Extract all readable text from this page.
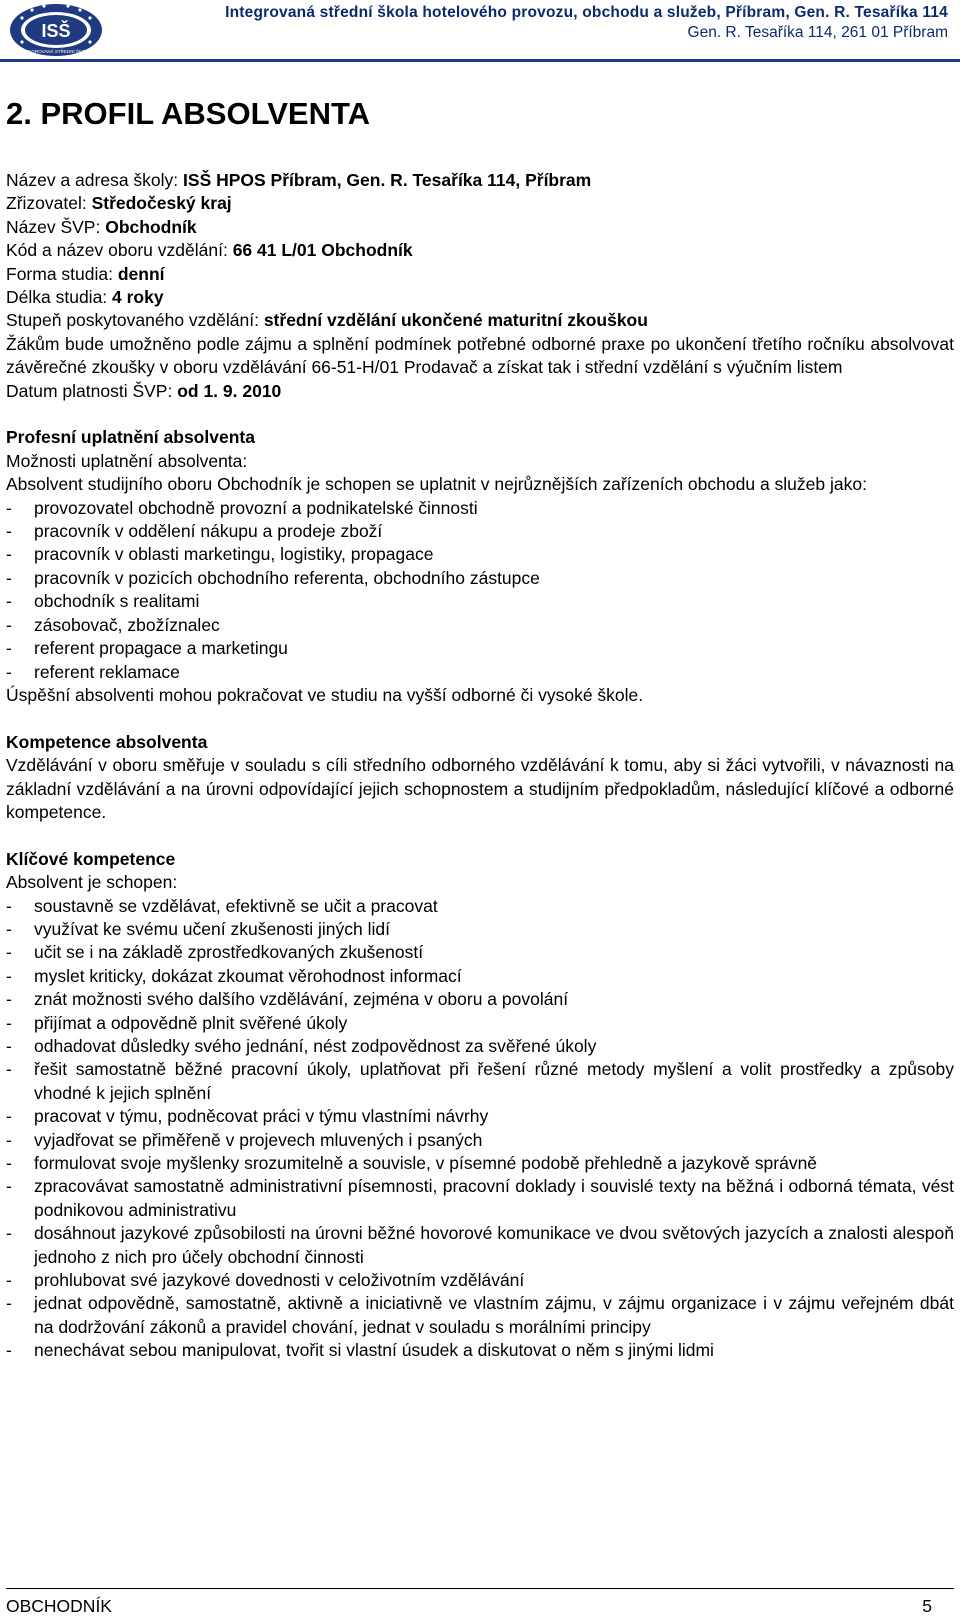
ISŠ
INTEGROVANÁ STŘEDNÍ ŠKOLA
Integrovaná střední škola hotelového provozu, obchodu a služeb, Příbram, Gen. R. Tesaříka 114
Gen. R. Tesaříka 114, 261 01 Příbram
2. PROFIL ABSOLVENTA

Název a adresa školy: ISŠ HPOS Příbram, Gen. R. Tesaříka 114, Příbram

Zřizovatel: Středočeský kraj

Název ŠVP: Obchodník

Kód a název oboru vzdělání: 66 41 L/01 Obchodník

Forma studia: denní

Délka studia: 4 roky

Stupeň poskytovaného vzdělání: střední vzdělání ukončené maturitní zkouškou

Žákům bude umožněno podle zájmu a splnění podmínek potřebné odborné praxe po ukončení třetího ročníku absolvovat závěrečné zkoušky v oboru vzdělávání 66-51-H/01 Prodavač a získat tak i střední vzdělání s výučním listem

Datum platnosti ŠVP: od 1. 9. 2010

Profesní uplatnění absolventa

Možnosti uplatnění absolventa:

Absolvent studijního oboru Obchodník je schopen se uplatnit v nejrůznějších zařízeních obchodu a služeb jako:

- provozovatel obchodně provozní a podnikatelské činnosti
- pracovník v oddělení nákupu a prodeje zboží
- pracovník v oblasti marketingu, logistiky, propagace
- pracovník v pozicích obchodního referenta, obchodního zástupce
- obchodník s realitami
- zásobovač, zbožíznalec
- referent propagace a marketingu
- referent reklamace

Úspěšní absolventi mohou pokračovat ve studiu na vyšší odborné či vysoké škole.

Kompetence absolventa

Vzdělávání v oboru směřuje v souladu s cíli středního odborného vzdělávání k tomu, aby si žáci vytvořili, v návaznosti na základní vzdělávání a na úrovni odpovídající jejich schopnostem a studijním předpokladům, následující klíčové a odborné kompetence.

Klíčové kompetence

Absolvent je schopen:

- soustavně se vzdělávat, efektivně se učit a pracovat
- využívat ke svému učení zkušenosti jiných lidí
- učit se i na základě zprostředkovaných zkušeností
- myslet kriticky, dokázat zkoumat věrohodnost informací
- znát možnosti svého dalšího vzdělávání, zejména v oboru a povolání
- přijímat a odpovědně plnit svěřené úkoly
- odhadovat důsledky svého jednání, nést zodpovědnost za svěřené úkoly
- řešit samostatně běžné pracovní úkoly, uplatňovat při řešení různé metody myšlení a volit prostředky a způsoby vhodné k jejich splnění
- pracovat v týmu, podněcovat práci v týmu vlastními návrhy
- vyjadřovat se přiměřeně v projevech mluvených i psaných
- formulovat svoje myšlenky srozumitelně a souvisle, v písemné podobě přehledně a jazykově správně
- zpracovávat samostatně administrativní písemnosti, pracovní doklady i souvislé texty na běžná i odborná témata, vést podnikovou administrativu
- dosáhnout jazykové způsobilosti na úrovni běžné hovorové komunikace ve dvou světových jazycích a znalosti alespoň jednoho z nich pro účely obchodní činnosti
- prohlubovat své jazykové dovednosti v celoživotním vzdělávání
- jednat odpovědně, samostatně, aktivně a iniciativně ve vlastním zájmu, v zájmu organizace i v zájmu veřejném dbát na dodržování zákonů a pravidel chování, jednat v souladu s morálními principy
- nenechávat sebou manipulovat, tvořit si vlastní úsudek a diskutovat o něm s jinými lidmi
OBCHODNÍK	5
